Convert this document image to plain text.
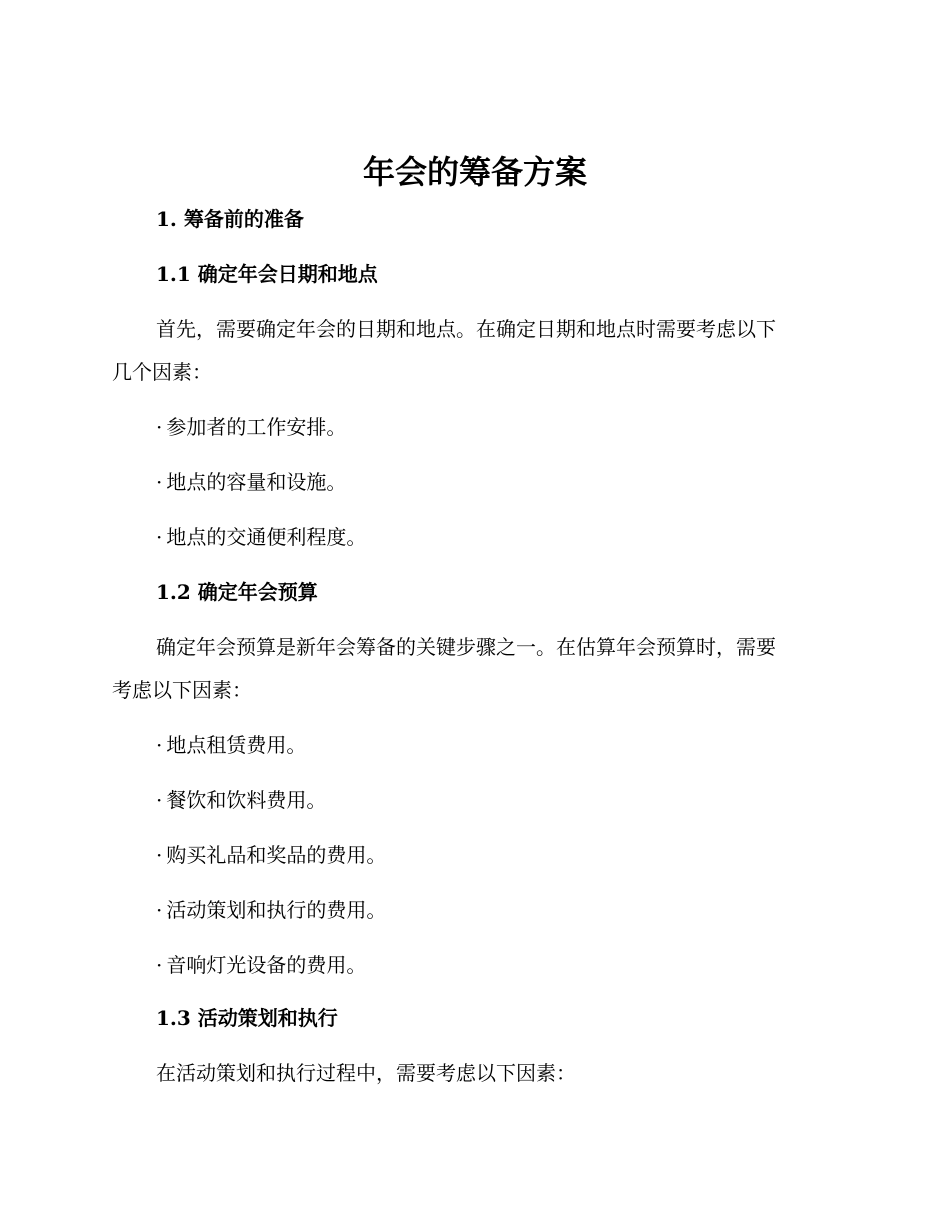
年会的筹备方案

1. 筹备前的准备

1.1 确定年会日期和地点

首先，需要确定年会的日期和地点。在确定日期和地点时需要考虑以下

几个因素：

· 参加者的工作安排。

· 地点的容量和设施。

· 地点的交通便利程度。

1.2 确定年会预算

确定年会预算是新年会筹备的关键步骤之一。在估算年会预算时，需要

考虑以下因素：

· 地点租赁费用。

· 餐饮和饮料费用。

· 购买礼品和奖品的费用。

· 活动策划和执行的费用。

· 音响灯光设备的费用。

1.3 活动策划和执行

在活动策划和执行过程中，需要考虑以下因素：
